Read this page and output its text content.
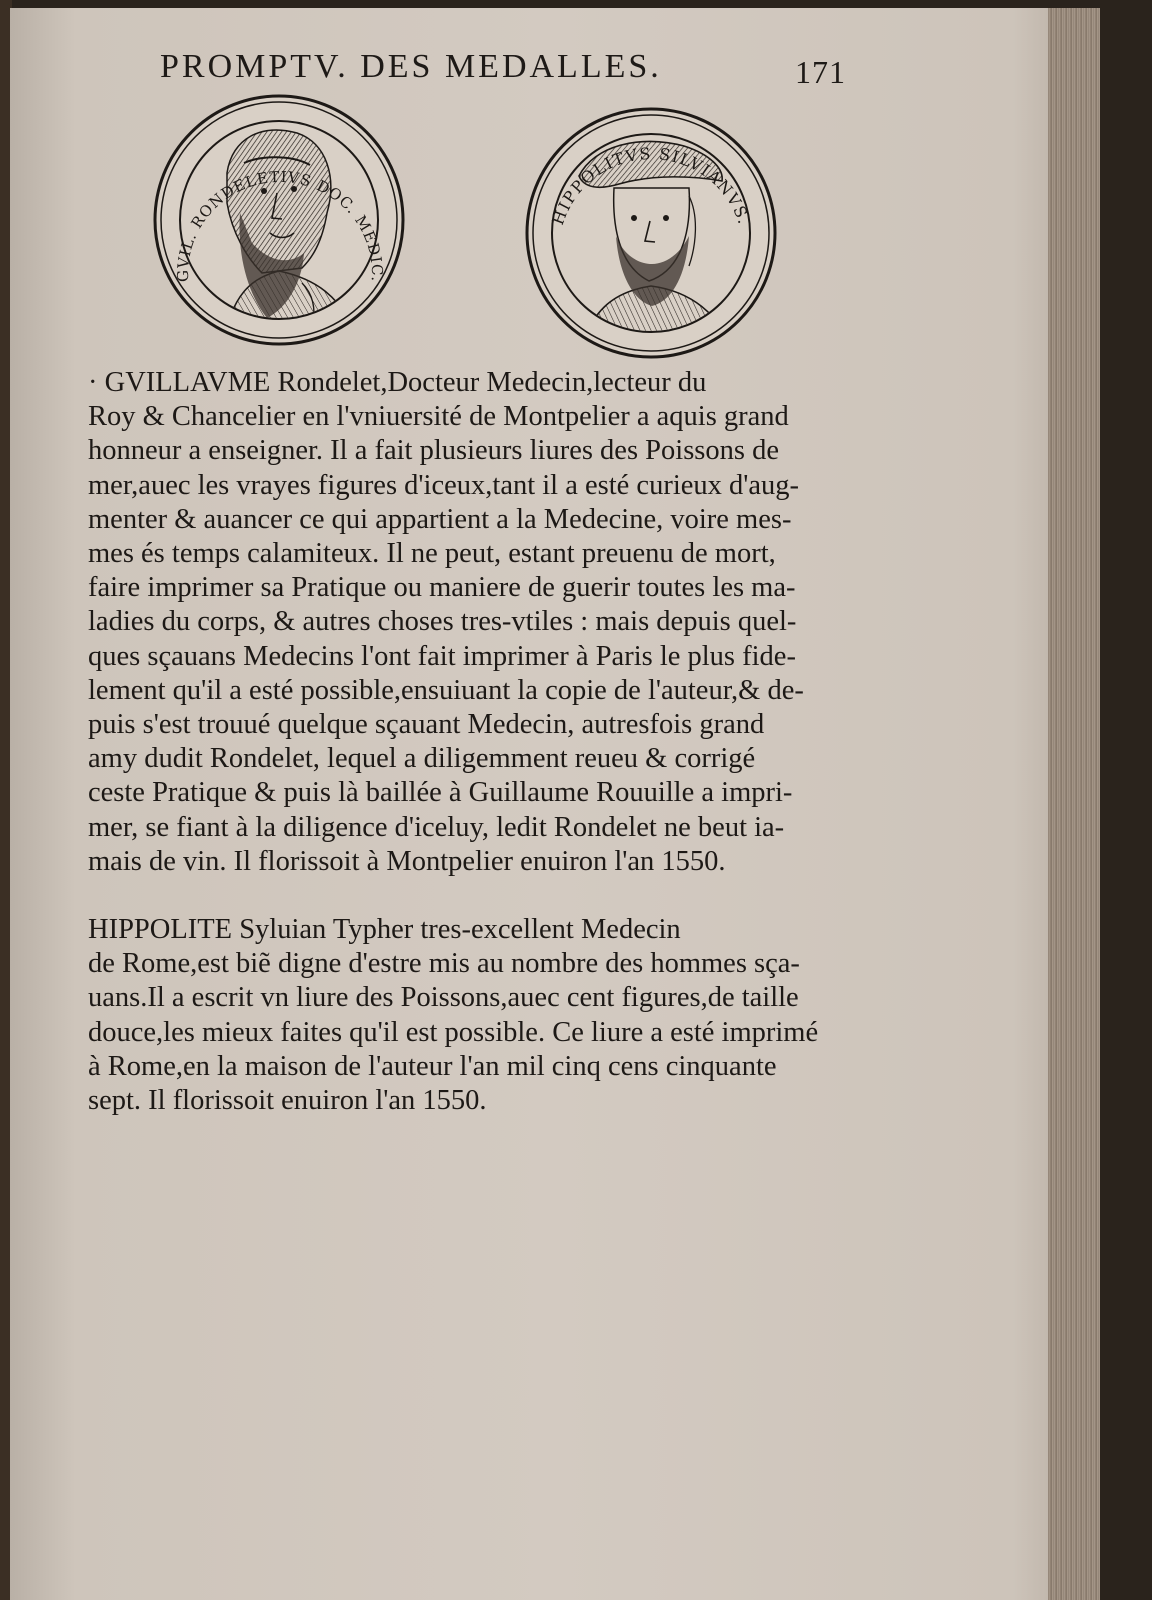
PROMPTV. DES MEDALLES.	171
GVIL. RONDELETIVS DOC. MEDIC.
HIPPOLITVS SILVIANVS.
· GVILLAVME Rondelet,Docteur Medecin,lecteur du
Roy & Chancelier en l'vniuersité de Montpelier a aquis grand
honneur a enseigner. Il a fait plusieurs liures des Poissons de
mer,auec les vrayes figures d'iceux,tant il a esté curieux d'aug-
menter & auancer ce qui appartient a la Medecine, voire mes-
mes és temps calamiteux. Il ne peut, estant preuenu de mort,
faire imprimer sa Pratique ou maniere de guerir toutes les ma-
ladies du corps, & autres choses tres-vtiles : mais depuis quel-
ques sçauans Medecins l'ont fait imprimer à Paris le plus fide-
lement qu'il a esté possible,ensuiuant la copie de l'auteur,& de-
puis s'est trouué quelque sçauant Medecin, autresfois grand
amy dudit Rondelet, lequel a diligemment reueu & corrigé
ceste Pratique & puis là baillée à Guillaume Rouuille a impri-
mer, se fiant à la diligence d'iceluy, ledit Rondelet ne beut ia-
mais de vin. Il florissoit à Montpelier enuiron l'an 1550.
HIPPOLITE Syluian Typher tres-excellent Medecin
de Rome,est biẽ digne d'estre mis au nombre des hommes sça-
uans.Il a escrit vn liure des Poissons,auec cent figures,de taille
douce,les mieux faites qu'il est possible. Ce liure a esté imprimé
à Rome,en la maison de l'auteur l'an mil cinq cens cinquante
sept. Il florissoit enuiron l'an 1550.
